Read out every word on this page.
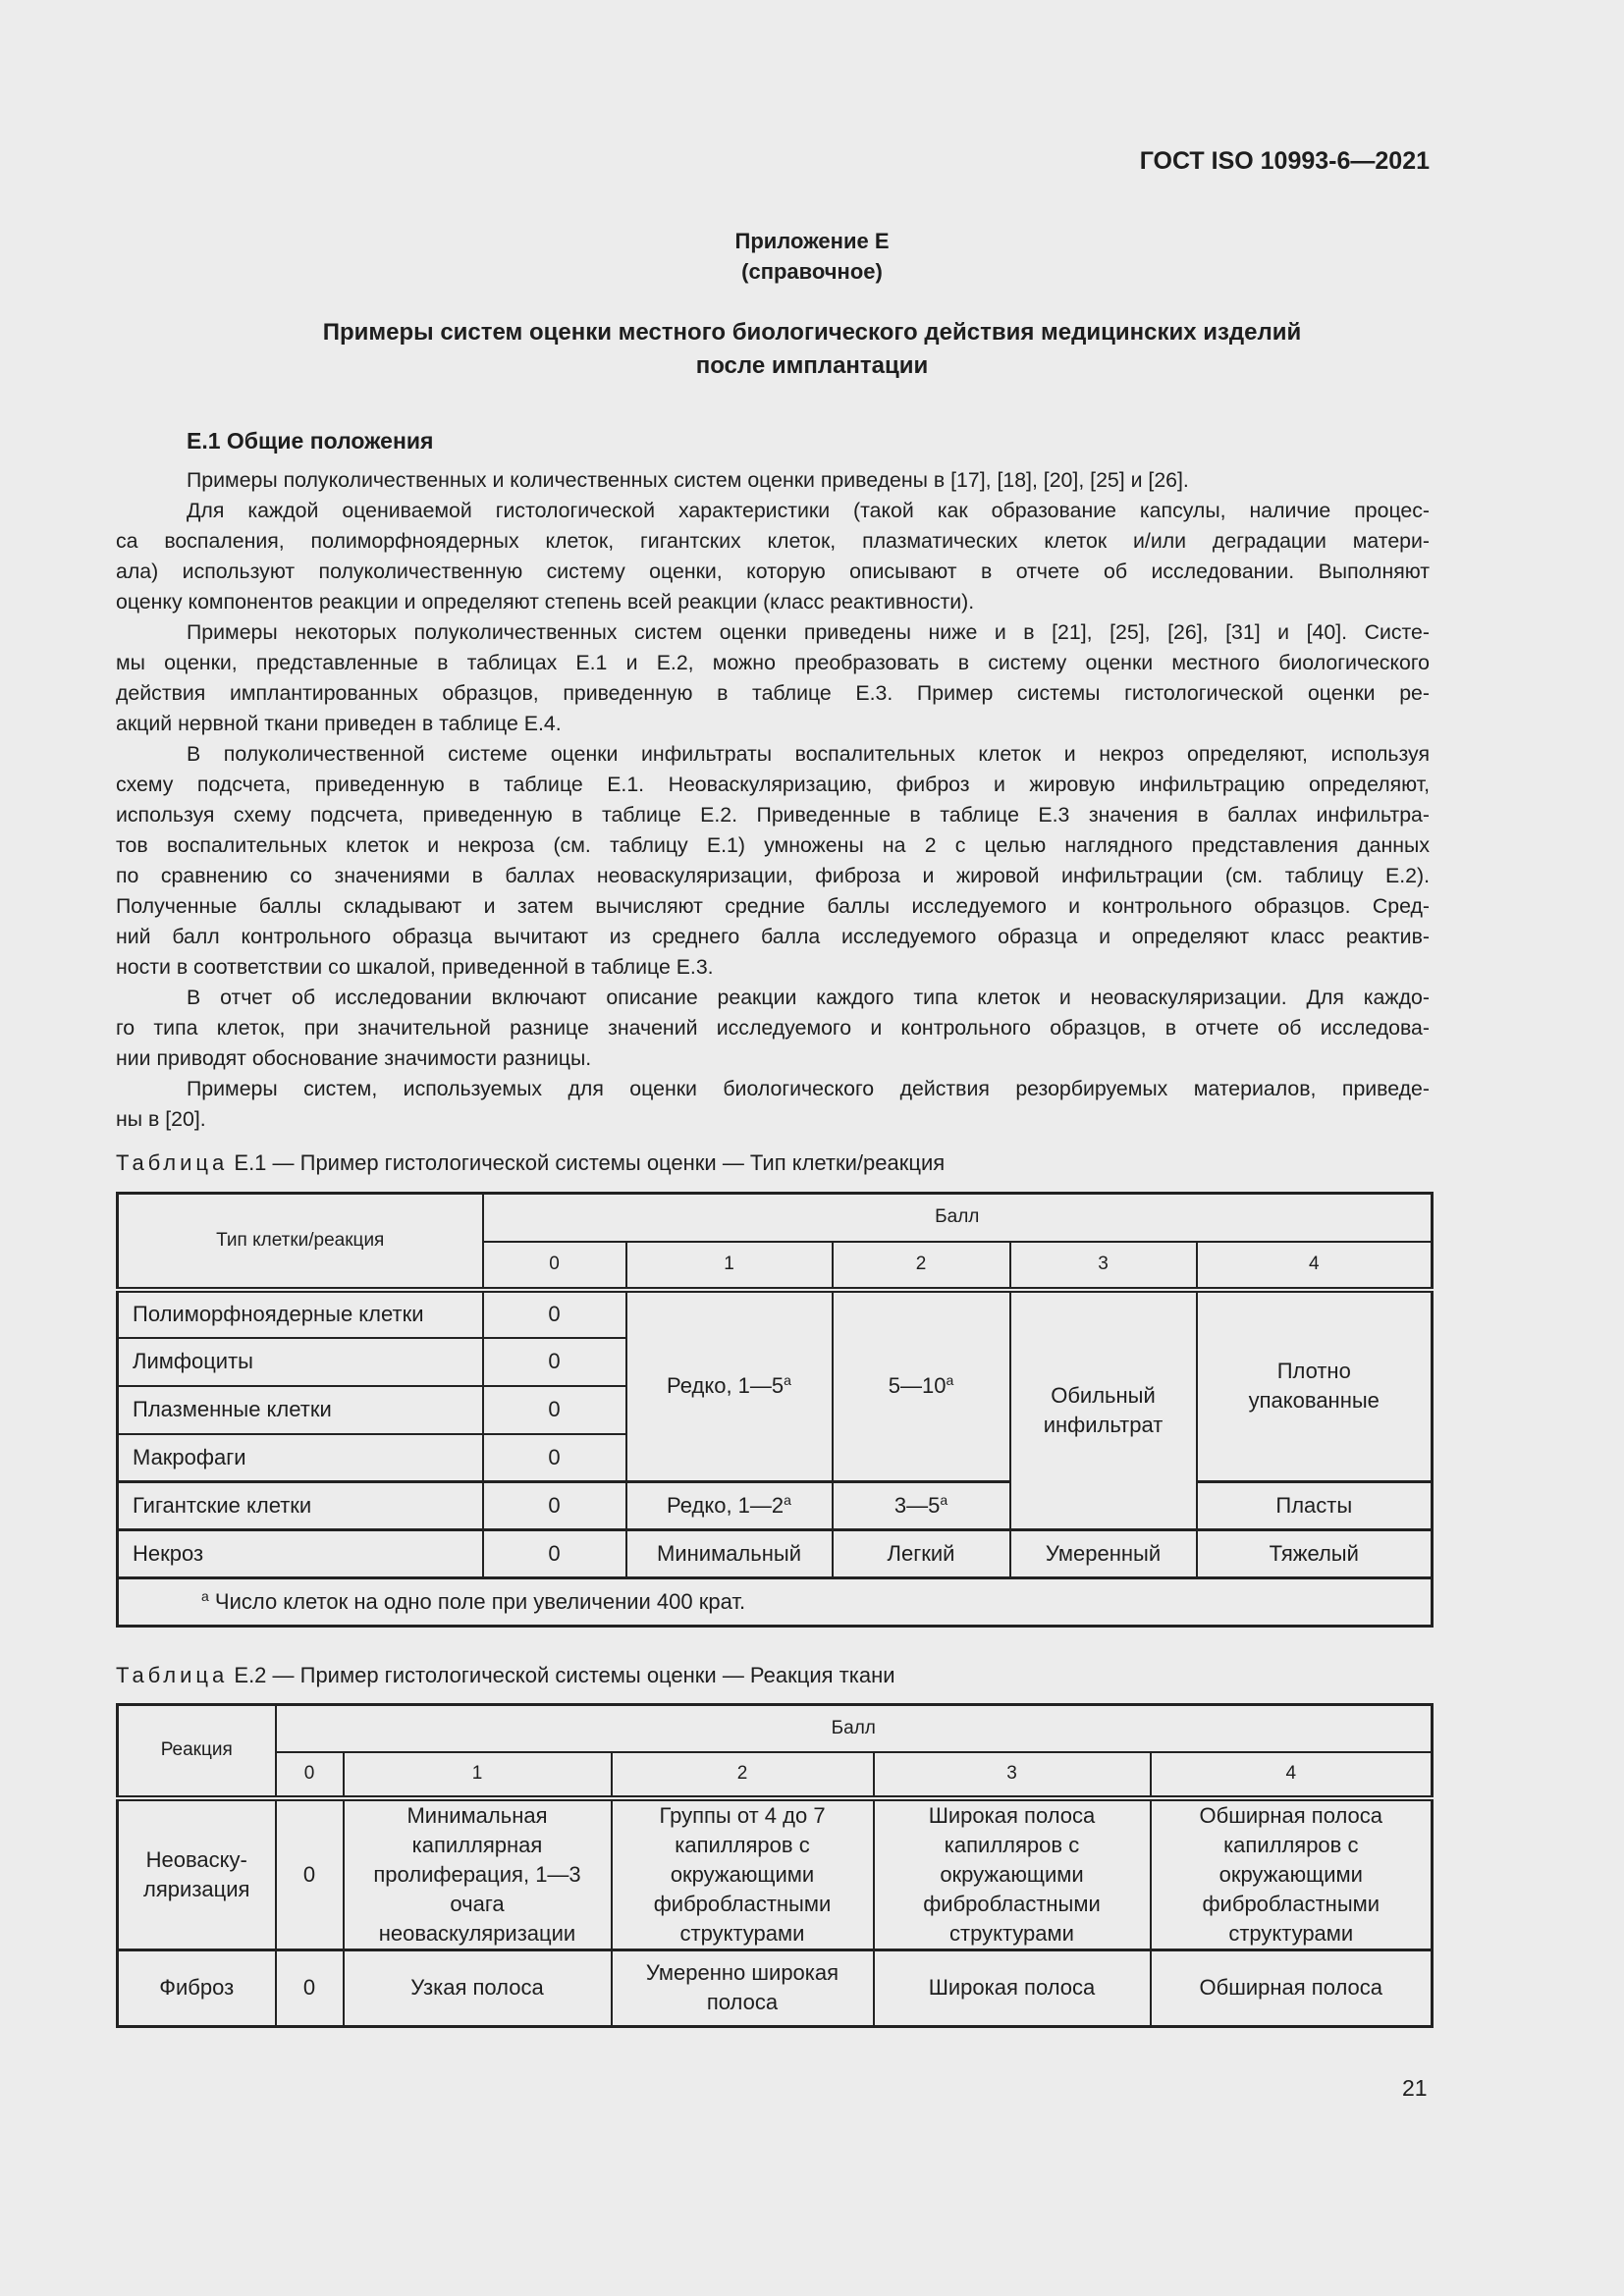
ГОСТ ISO 10993-6—2021
Приложение Е
(справочное)
Примеры систем оценки местного биологического действия медицинских изделий
после имплантации
Е.1 Общие положения
Примеры полуколичественных и количественных систем оценки приведены в [17], [18], [20], [25] и [26].
Для каждой оцениваемой гистологической характеристики (такой как образование капсулы, наличие процес-
са воспаления, полиморфноядерных клеток, гигантских клеток, плазматических клеток и/или деградации матери-
ала) используют полуколичественную систему оценки, которую описывают в отчете об исследовании. Выполняют
оценку компонентов реакции и определяют степень всей реакции (класс реактивности).
Примеры некоторых полуколичественных систем оценки приведены ниже и в [21], [25], [26], [31] и [40]. Систе-
мы оценки, представленные в таблицах Е.1 и Е.2, можно преобразовать в систему оценки местного биологического
действия имплантированных образцов, приведенную в таблице Е.3. Пример системы гистологической оценки ре-
акций нервной ткани приведен в таблице Е.4.
В полуколичественной системе оценки инфильтраты воспалительных клеток и некроз определяют, используя
схему подсчета, приведенную в таблице Е.1. Неоваскуляризацию, фиброз и жировую инфильтрацию определяют,
используя схему подсчета, приведенную в таблице Е.2. Приведенные в таблице Е.3 значения в баллах инфильтра-
тов воспалительных клеток и некроза (см. таблицу Е.1) умножены на 2 с целью наглядного представления данных
по сравнению со значениями в баллах неоваскуляризации, фиброза и жировой инфильтрации (см. таблицу Е.2).
Полученные баллы складывают и затем вычисляют средние баллы исследуемого и контрольного образцов. Сред-
ний балл контрольного образца вычитают из среднего балла исследуемого образца и определяют класс реактив-
ности в соответствии со шкалой, приведенной в таблице Е.3.
В отчет об исследовании включают описание реакции каждого типа клеток и неоваскуляризации. Для каждо-
го типа клеток, при значительной разнице значений исследуемого и контрольного образцов, в отчете об исследова-
нии приводят обоснование значимости разницы.
Примеры систем, используемых для оценки биологического действия резорбируемых материалов, приведе-
ны в [20].
Таблица Е.1 — Пример гистологической системы оценки — Тип клетки/реакция
Тип клетки/реакция	Балл				
	0	1	2	3	4
Полиморфноядерные клетки	0	Редко, 1—5$^a$	5—10$^a$	Обильный инфильтрат	Плотно упакованные
Лимфоциты	0				
Плазменные клетки	0				
Макрофаги	0				
Гигантские клетки	0	Редко, 1—2$^a$	3—5$^a$		Пласты
Некроз	0	Минимальный	Легкий	Умеренный	Тяжелый
$^a$ Число клеток на одно поле при увеличении 400 крат.					
Таблица Е.2 — Пример гистологической системы оценки — Реакция ткани
Реакция	Балл				
	0	1	2	3	4
Неоваску-ляризация	0	Минимальная капиллярная пролиферация, 1—3 очага неоваскуляризации	Группы от 4 до 7 капилляров с окружающими фибробластными структурами	Широкая полоса капилляров с окружающими фибробластными структурами	Обширная полоса капилляров с окружающими фибробластными структурами
Фиброз	0	Узкая полоса	Умеренно широкая полоса	Широкая полоса	Обширная полоса
21
